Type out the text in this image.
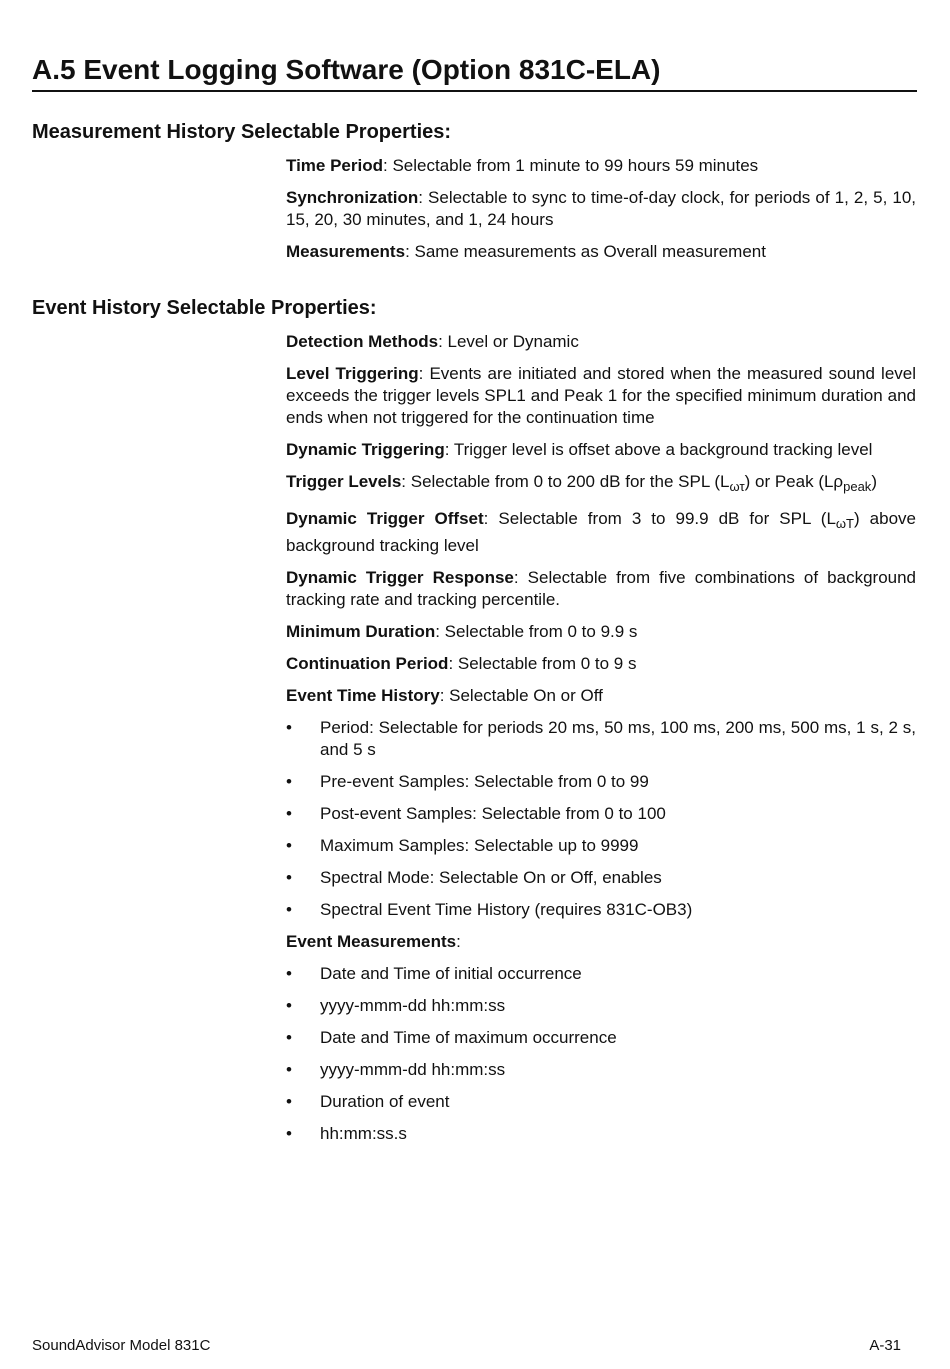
A.5 Event Logging Software (Option 831C-ELA)
Measurement History Selectable Properties:

Time Period: Selectable from 1 minute to 99 hours 59 minutes

Synchronization: Selectable to sync to time-of-day clock, for periods of 1, 2, 5, 10, 15, 20, 30 minutes, and 1, 24 hours

Measurements: Same measurements as Overall measurement

Event History Selectable Properties:

Detection Methods: Level or Dynamic

Level Triggering: Events are initiated and stored when the measured sound level exceeds the trigger levels SPL1 and Peak 1 for the specified minimum duration and ends when not triggered for the continuation time

Dynamic Triggering: Trigger level is offset above a background tracking level

Trigger Levels: Selectable from 0 to 200 dB for the SPL $(L_{\omega\tau})$ or Peak $(L\rho_{peak})$

Dynamic Trigger Offset: Selectable from 3 to 99.9 dB for SPL $(L_{\omega T})$ above background tracking level

Dynamic Trigger Response: Selectable from five combinations of background tracking rate and tracking percentile.

Minimum Duration: Selectable from 0 to 9.9 s

Continuation Period: Selectable from 0 to 9 s

Event Time History: Selectable On or Off

• Period: Selectable for periods 20 ms, 50 ms, 100 ms, 200 ms, 500 ms, 1 s, 2 s, and 5 s
• Pre-event Samples: Selectable from 0 to 99
• Post-event Samples: Selectable from 0 to 100
• Maximum Samples: Selectable up to 9999
• Spectral Mode: Selectable On or Off, enables
• Spectral Event Time History (requires 831C-OB3)

Event Measurements:

• Date and Time of initial occurrence
• yyyy-mmm-dd hh:mm:ss
• Date and Time of maximum occurrence
• yyyy-mmm-dd hh:mm:ss
• Duration of event
• hh:mm:ss.s
SoundAdvisor Model 831C	A-31
